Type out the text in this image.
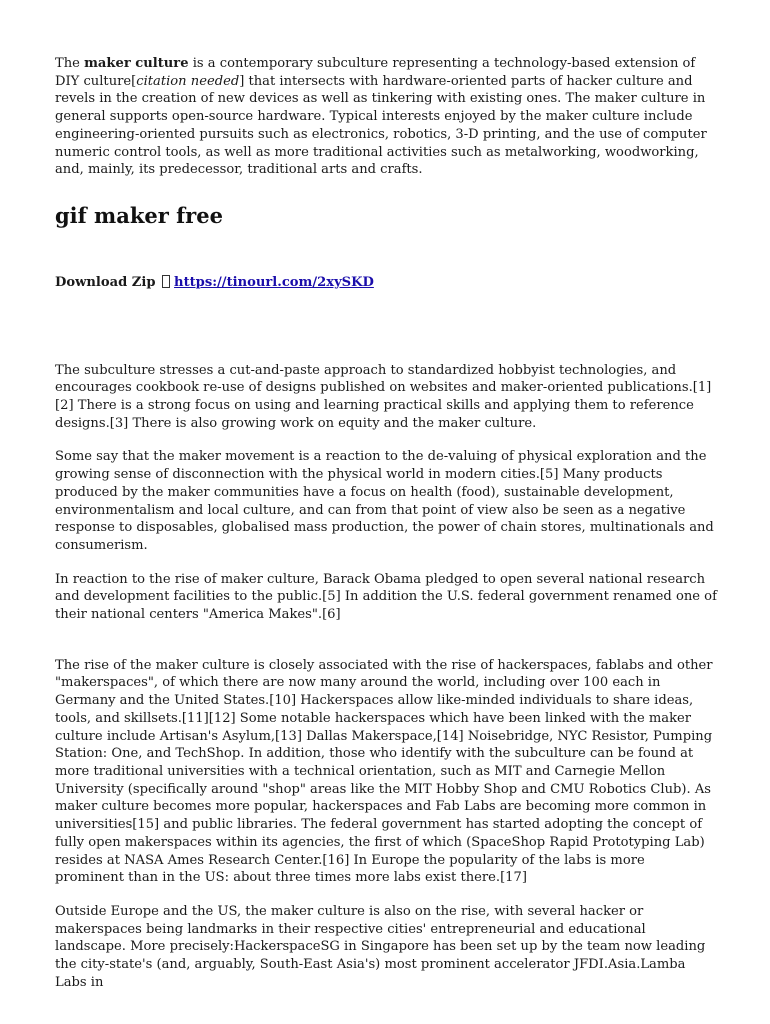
The maker culture is a contemporary subculture representing a technology-based extension of DIY culture[citation needed] that intersects with hardware-oriented parts of hacker culture and revels in the creation of new devices as well as tinkering with existing ones. The maker culture in general supports open-source hardware. Typical interests enjoyed by the maker culture include engineering-oriented pursuits such as electronics, robotics, 3-D printing, and the use of computer numeric control tools, as well as more traditional activities such as metalworking, woodworking, and, mainly, its predecessor, traditional arts and crafts.

gif maker free

Download Zip https://tinourl.com/2xySKD

The subculture stresses a cut-and-paste approach to standardized hobbyist technologies, and encourages cookbook re-use of designs published on websites and maker-oriented publications.[1][2] There is a strong focus on using and learning practical skills and applying them to reference designs.[3] There is also growing work on equity and the maker culture.

Some say that the maker movement is a reaction to the de-valuing of physical exploration and the growing sense of disconnection with the physical world in modern cities.[5] Many products produced by the maker communities have a focus on health (food), sustainable development, environmentalism and local culture, and can from that point of view also be seen as a negative response to disposables, globalised mass production, the power of chain stores, multinationals and consumerism.

In reaction to the rise of maker culture, Barack Obama pledged to open several national research and development facilities to the public.[5] In addition the U.S. federal government renamed one of their national centers "America Makes".[6]

The rise of the maker culture is closely associated with the rise of hackerspaces, fablabs and other "makerspaces", of which there are now many around the world, including over 100 each in Germany and the United States.[10] Hackerspaces allow like-minded individuals to share ideas, tools, and skillsets.[11][12] Some notable hackerspaces which have been linked with the maker culture include Artisan's Asylum,[13] Dallas Makerspace,[14] Noisebridge, NYC Resistor, Pumping Station: One, and TechShop. In addition, those who identify with the subculture can be found at more traditional universities with a technical orientation, such as MIT and Carnegie Mellon University (specifically around "shop" areas like the MIT Hobby Shop and CMU Robotics Club). As maker culture becomes more popular, hackerspaces and Fab Labs are becoming more common in universities[15] and public libraries. The federal government has started adopting the concept of fully open makerspaces within its agencies, the first of which (SpaceShop Rapid Prototyping Lab) resides at NASA Ames Research Center.[16] In Europe the popularity of the labs is more prominent than in the US: about three times more labs exist there.[17]

Outside Europe and the US, the maker culture is also on the rise, with several hacker or makerspaces being landmarks in their respective cities' entrepreneurial and educational landscape. More precisely:HackerspaceSG in Singapore has been set up by the team now leading the city-state's (and, arguably, South-East Asia's) most prominent accelerator JFDI.Asia.Lamba Labs in
